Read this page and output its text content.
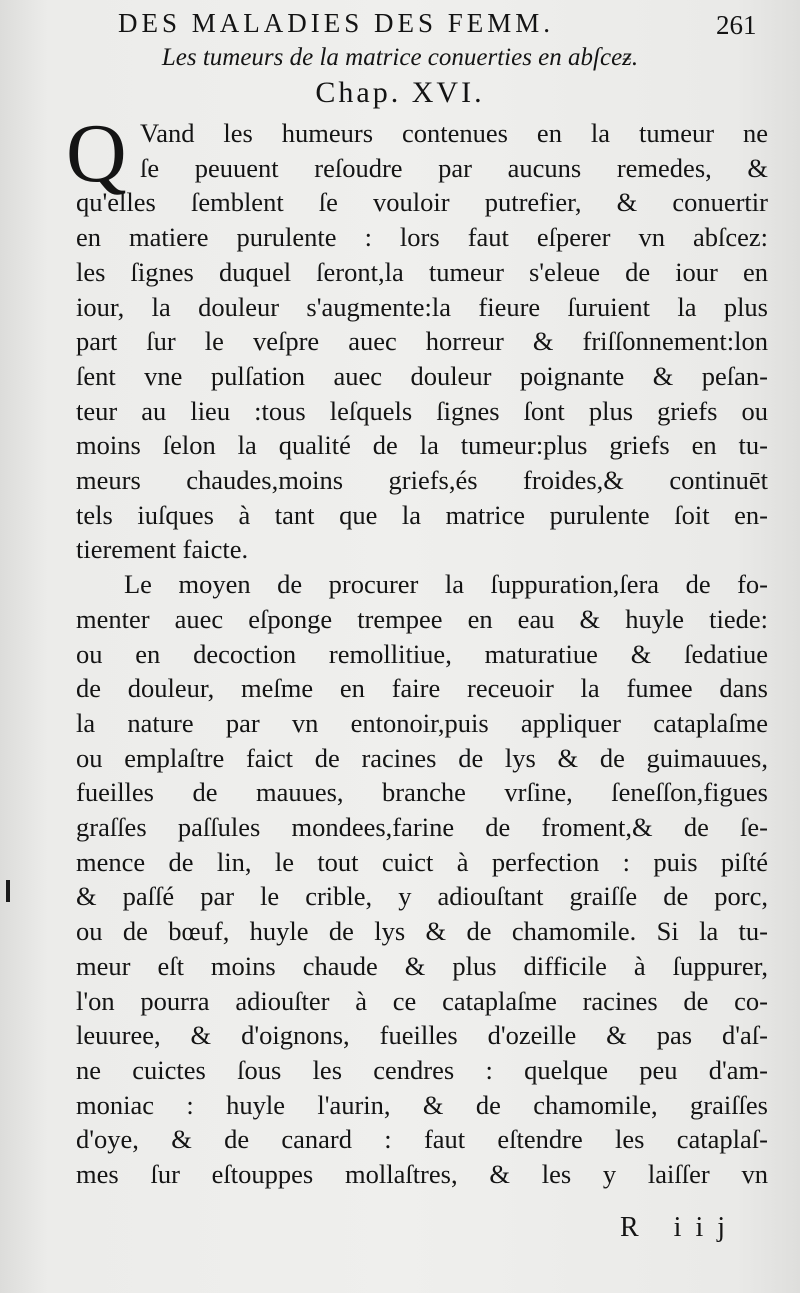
DES MALADIES DES FEMM.	261
Les tumeurs de la matrice conuerties en abſceƶ.
Chap. XVI.
Q Vand les humeurs contenues en la tumeur ne
ſe peuuent reſoudre par aucuns remedes, &
qu'elles ſemblent ſe vouloir putrefier, & conuertir
en matiere purulente : lors faut eſperer vn abſcez:
les ſignes duquel ſeront,la tumeur s'eleue de iour en
iour, la douleur s'augmente:la fieure ſuruient la plus
part ſur le veſpre auec horreur & friſſonnement:lon
ſent vne pulſation auec douleur poignante & peſan-
teur au lieu :tous leſquels ſignes ſont plus griefs ou
moins ſelon la qualité de la tumeur:plus griefs en tu-
meurs chaudes,moins griefs,és froides,& continuēt
tels iuſques à tant que la matrice purulente ſoit en-
tierement faicte.
Le moyen de procurer la ſuppuration,ſera de fo-
menter auec eſponge trempee en eau & huyle tiede:
ou en decoction remollitiue, maturatiue & ſedatiue
de douleur, meſme en faire receuoir la fumee dans
la nature par vn entonoir,puis appliquer cataplaſme
ou emplaſtre faict de racines de lys & de guimauues,
fueilles de mauues, branche vrſine, ſeneſſon,figues
graſſes paſſules mondees,farine de froment,& de ſe-
mence de lin, le tout cuict à perfection : puis piſté
& paſſé par le crible, y adiouſtant graiſſe de porc,
ou de bœuf, huyle de lys & de chamomile. Si la tu-
meur eſt moins chaude & plus difficile à ſuppurer,
l'on pourra adiouſter à ce cataplaſme racines de co-
leuuree, & d'oignons, fueilles d'ozeille & pas d'aſ-
ne cuictes ſous les cendres : quelque peu d'am-
moniac : huyle l'aurin, & de chamomile, graiſſes
d'oye, & de canard : faut eſtendre les cataplaſ-
mes ſur eſtouppes mollaſtres, & les y laiſſer vn
R iij
